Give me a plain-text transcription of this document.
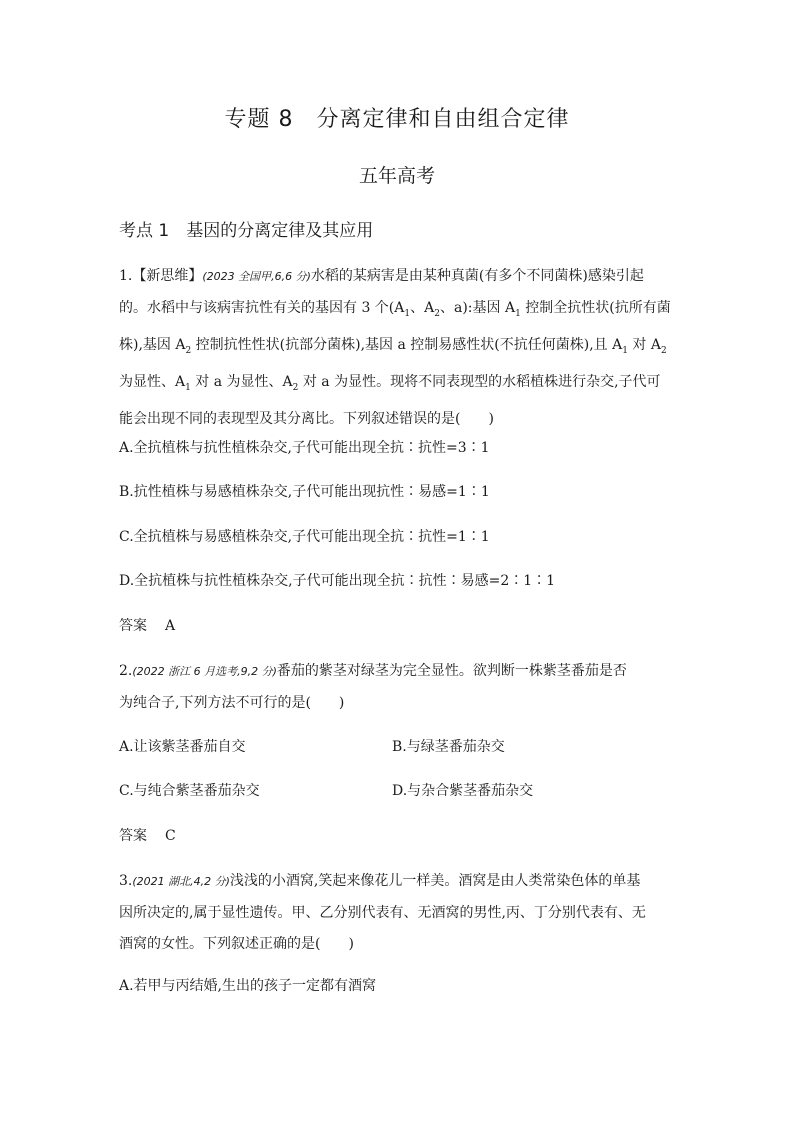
专题 8　分离定律和自由组合定律
五年高考
考点 1　基因的分离定律及其应用
1.【新思维】(2023 全国甲,6,6 分)水稻的某病害是由某种真菌(有多个不同菌株)感染引起
的。水稻中与该病害抗性有关的基因有 3 个($A_1$、$A_2$、a):基因 $A_1$ 控制全抗性状(抗所有菌
株),基因 $A_2$ 控制抗性性状(抗部分菌株),基因 a 控制易感性状(不抗任何菌株),且 $A_1$ 对 $A_2$
为显性、$A_1$ 对 a 为显性、$A_2$ 对 a 为显性。现将不同表现型的水稻植株进行杂交,子代可
能会出现不同的表现型及其分离比。下列叙述错误的是(　　)
A.全抗植株与抗性植株杂交,子代可能出现全抗∶抗性=3∶1
B.抗性植株与易感植株杂交,子代可能出现抗性∶易感=1∶1
C.全抗植株与易感植株杂交,子代可能出现全抗∶抗性=1∶1
D.全抗植株与抗性植株杂交,子代可能出现全抗∶抗性∶易感=2∶1∶1
答案 A
2.(2022 浙江 6 月选考,9,2 分)番茄的紫茎对绿茎为完全显性。欲判断一株紫茎番茄是否
为纯合子,下列方法不可行的是(　　)
A.让该紫茎番茄自交	B.与绿茎番茄杂交
C.与纯合紫茎番茄杂交	D.与杂合紫茎番茄杂交
答案 C
3.(2021 湖北,4,2 分)浅浅的小酒窝,笑起来像花儿一样美。酒窝是由人类常染色体的单基
因所决定的,属于显性遗传。甲、乙分别代表有、无酒窝的男性,丙、丁分别代表有、无
酒窝的女性。下列叙述正确的是(　　)
A.若甲与丙结婚,生出的孩子一定都有酒窝
